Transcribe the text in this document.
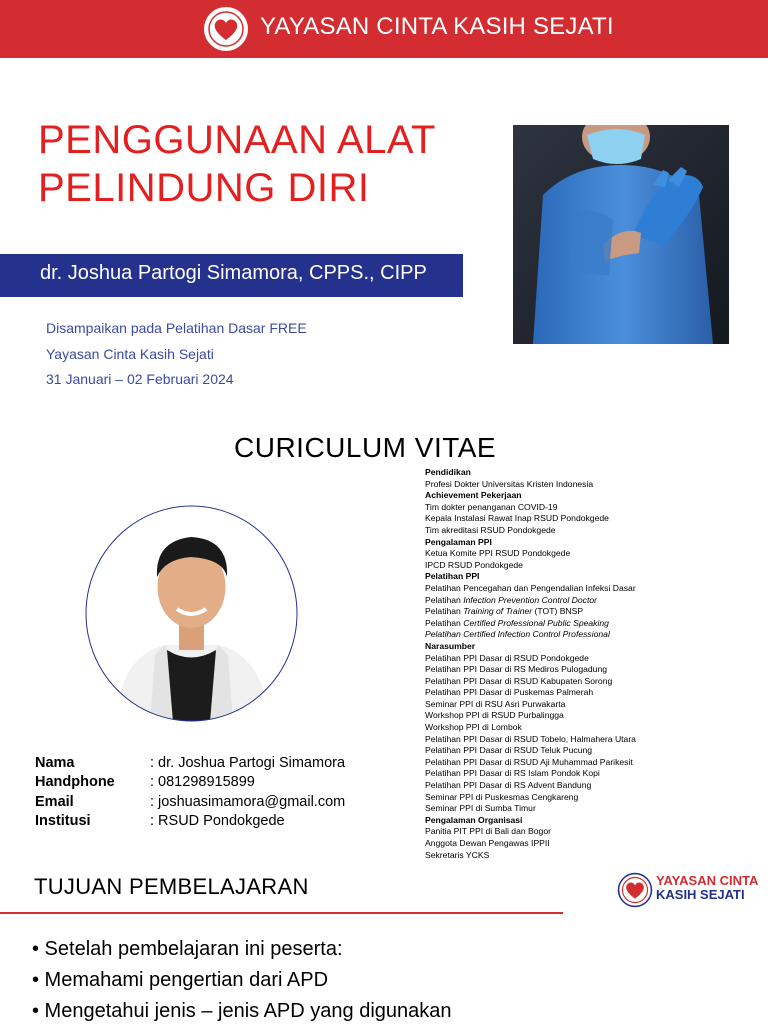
YAYASAN CINTA KASIH SEJATI
PENGGUNAAN ALAT
PELINDUNG DIRI
dr. Joshua Partogi Simamora, CPPS., CIPP
Disampaikan pada Pelatihan Dasar FREE
Yayasan Cinta Kasih Sejati
31 Januari – 02 Februari 2024
CURICULUM VITAE
Pendidikan
Profesi Dokter Universitas Kristen Indonesia
Achievement Pekerjaan
Tim dokter penanganan COVID-19
Kepala Instalasi Rawat Inap RSUD Pondokgede
Tim akreditasi RSUD Pondokgede
Pengalaman PPI
Ketua Komite PPI RSUD Pondokgede
IPCD RSUD Pondokgede
Pelatihan PPI
Pelatihan Pencegahan dan Pengendalian Infeksi Dasar
Pelatihan Infection Prevention Control Doctor
Pelatihan Training of Trainer (TOT) BNSP
Pelatihan Certified Professional Public Speaking
Pelatihan Certified Infection Control Professional
Narasumber
Pelatihan PPI Dasar di RSUD Pondokgede
Pelatihan PPI Dasar di RS Mediros Pulogadung
Pelatihan PPI Dasar di RSUD Kabupaten Sorong
Pelatihan PPI Dasar di Puskemas Palmerah
Seminar PPI di RSU Asri Purwakarta
Workshop PPI di RSUD Purbalingga
Workshop PPI di Lombok
Pelatihan PPI Dasar di RSUD Tobelo, Halmahera Utara
Pelatihan PPI Dasar di RSUD Teluk Pucung
Pelatihan PPI Dasar di RSUD Aji Muhammad Parikesit
Pelatihan PPI Dasar di RS Islam Pondok Kopi
Pelatihan PPI Dasar di RS Advent Bandung
Seminar PPI di Puskesmas Cengkareng
Seminar PPI di Sumba Timur
Pengalaman Organisasi
Panitia PIT PPI di Bali dan Bogor
Anggota Dewan Pengawas IPPII
Sekretaris YCKS
Nama	: dr. Joshua Partogi Simamora
Handphone	: 081298915899
Email	: joshuasimamora@gmail.com
Institusi	: RSUD Pondokgede
TUJUAN PEMBELAJARAN
• Setelah pembelajaran ini peserta:
• Memahami pengertian dari APD
• Mengetahui jenis – jenis APD yang digunakan
YAYASAN CINTA
KASIH SEJATI
